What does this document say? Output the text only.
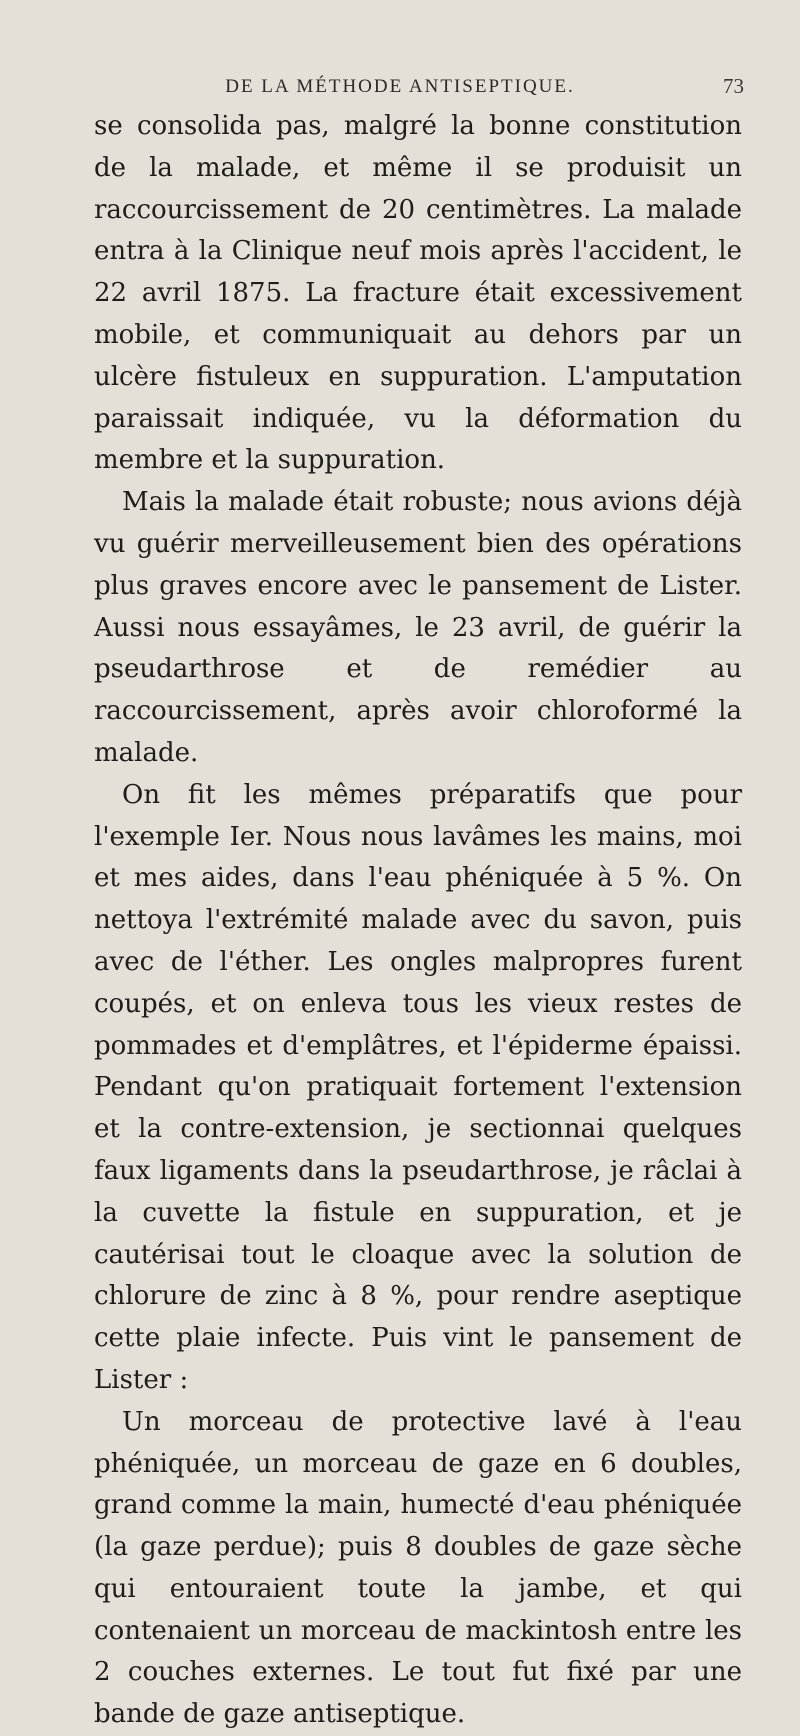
DE LA MÉTHODE ANTISEPTIQUE.	73

se consolida pas, malgré la bonne constitution de la malade, et même il se produisit un raccourcissement de 20 centimètres. La malade entra à la Clinique neuf mois après l'accident, le 22 avril 1875. La fracture était excessivement mobile, et communiquait au dehors par un ulcère fistuleux en suppuration. L'amputation paraissait indiquée, vu la déformation du membre et la suppuration.

Mais la malade était robuste; nous avions déjà vu guérir merveilleusement bien des opérations plus graves encore avec le pansement de Lister. Aussi nous essayâmes, le 23 avril, de guérir la pseudarthrose et de remédier au raccourcissement, après avoir chloroformé la malade.

On fit les mêmes préparatifs que pour l'exemple Ier. Nous nous lavâmes les mains, moi et mes aides, dans l'eau phéniquée à 5 %. On nettoya l'extrémité malade avec du savon, puis avec de l'éther. Les ongles malpropres furent coupés, et on enleva tous les vieux restes de pommades et d'emplâtres, et l'épiderme épaissi. Pendant qu'on pratiquait fortement l'extension et la contre-extension, je sectionnai quelques faux ligaments dans la pseudarthrose, je râclai à la cuvette la fistule en suppuration, et je cautérisai tout le cloaque avec la solution de chlorure de zinc à 8 %, pour rendre aseptique cette plaie infecte. Puis vint le pansement de Lister :

Un morceau de protective lavé à l'eau phéniquée, un morceau de gaze en 6 doubles, grand comme la main, humecté d'eau phéniquée (la gaze perdue); puis 8 doubles de gaze sèche qui entouraient toute la jambe, et qui contenaient un morceau de mackintosh entre les 2 couches externes. Le tout fut fixé par une bande de gaze antiseptique.
